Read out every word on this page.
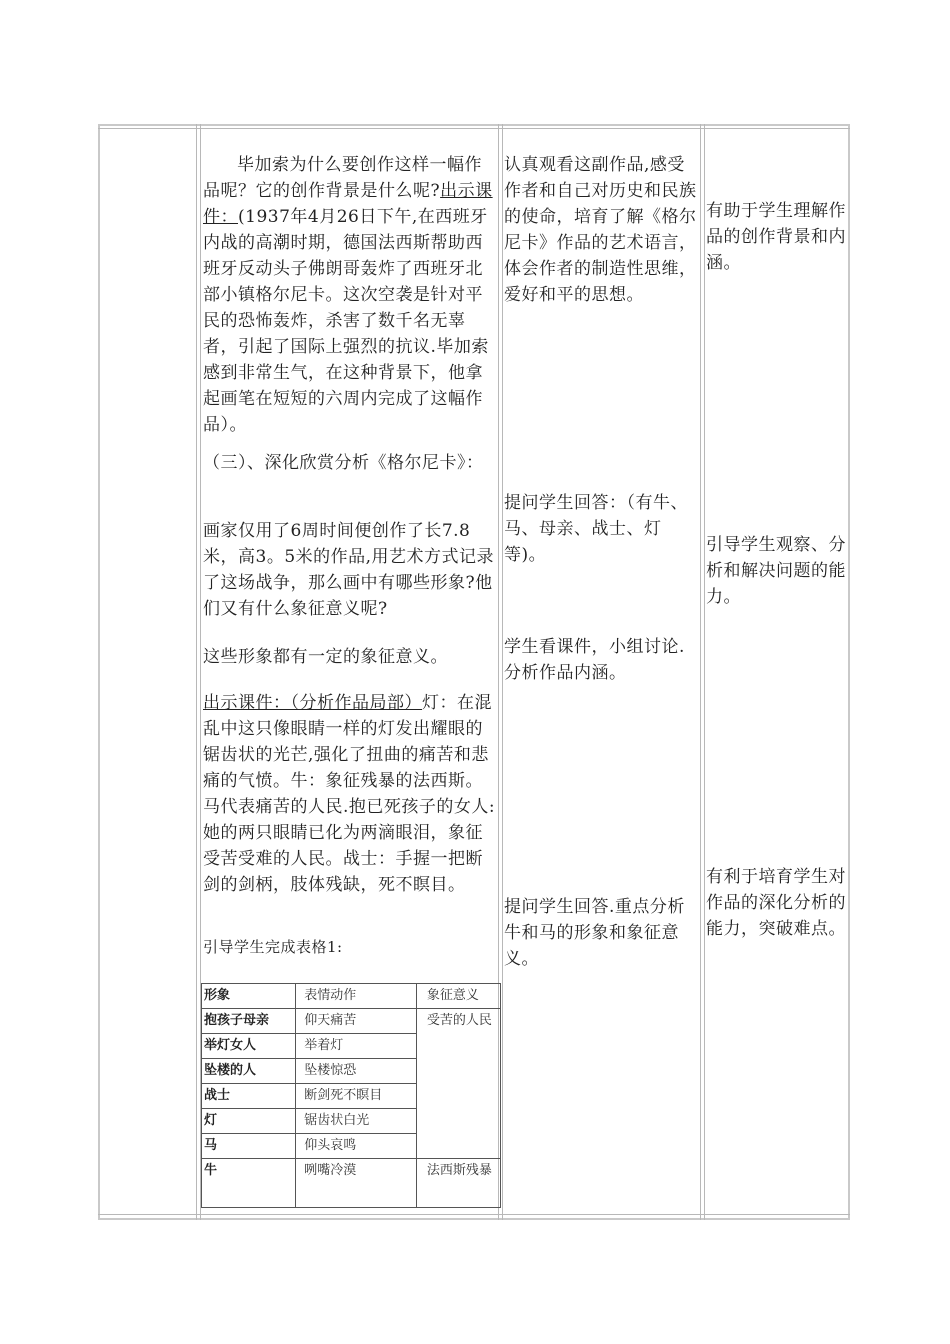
毕加索为什么要创作这样一幅作品呢？它的创作背景是什么呢?出示课件：(1937年4月26日下午,在西班牙内战的高潮时期，德国法西斯帮助西班牙反动头子佛朗哥轰炸了西班牙北部小镇格尔尼卡。这次空袭是针对平民的恐怖轰炸，杀害了数千名无辜者，引起了国际上强烈的抗议.毕加索感到非常生气，在这种背景下，他拿起画笔在短短的六周内完成了这幅作品）。

（三）、深化欣赏分析《格尔尼卡》：

画家仅用了6周时间便创作了长7.8米，高3。5米的作品,用艺术方式记录了这场战争，那么画中有哪些形象?他们又有什么象征意义呢?

这些形象都有一定的象征意义。

出示课件：（分析作品局部）灯：在混乱中这只像眼睛一样的灯发出耀眼的锯齿状的光芒,强化了扭曲的痛苦和悲痛的气愤。牛：象征残暴的法西斯。马代表痛苦的人民.抱已死孩子的女人:她的两只眼睛已化为两滴眼泪，象征受苦受难的人民。战士：手握一把断剑的剑柄，肢体残缺，死不瞑目。

引导学生完成表格1:

形象	表情动作	象征意义
抱孩子母亲	仰天痛苦	受苦的人民
举灯女人	举着灯	
坠楼的人	坠楼惊恐	
战士	断剑死不瞑目	
灯	锯齿状白光	
马	仰头哀鸣	
牛	咧嘴冷漠	法西斯残暴

认真观看这副作品,感受作者和自己对历史和民族的使命，培育了解《格尔尼卡》作品的艺术语言，体会作者的制造性思维，爱好和平的思想。

提问学生回答：（有牛、马、母亲、战士、灯等)。

学生看课件，小组讨论.分析作品内涵。

提问学生回答.重点分析牛和马的形象和象征意义。

有助于学生理解作品的创作背景和内涵。

引导学生观察、分析和解决问题的能力。

有利于培育学生对作品的深化分析的能力，突破难点。
